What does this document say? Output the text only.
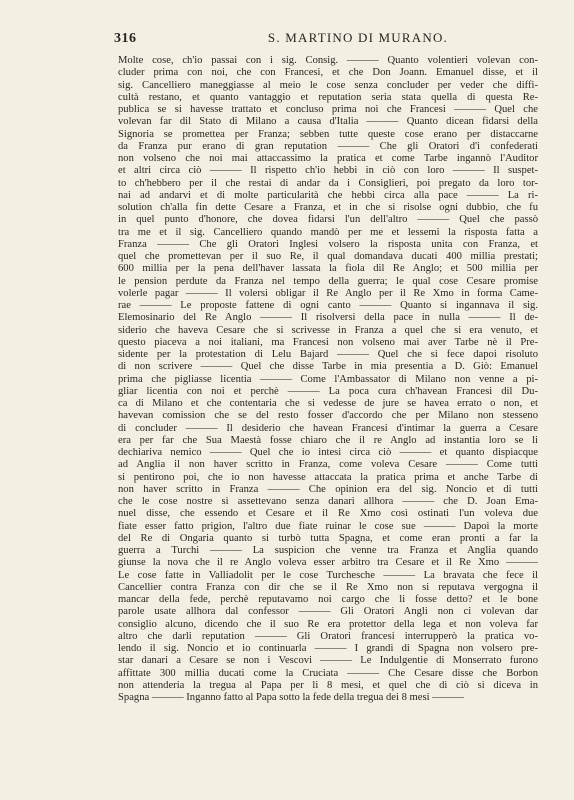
316	S. MARTINO DI MURANO.
Molte cose, ch'io passai con i sig. Consig. ——— Quanto volentieri volevan con-
cluder prima con noi, che con Francesi, et che Don Joann. Emanuel disse, et il
sig. Cancelliero maneggiasse al meio le cose senza concluder per veder che diffi-
cultà restano, et quanto vantaggio et reputation seria stata quella di questa Re-
publica se si havesse trattato et concluso prima noi che Francesi ——— Quel che
volevan far dil Stato di Milano a causa d'Italia ——— Quanto dicean fidarsi della
Signoria se promettea per Franza; sebben tutte queste cose erano per distaccarne
da Franza pur erano di gran reputation ——— Che gli Oratori d'i confederati
non volseno che noi mai attaccassimo la pratica et come Tarbe ingannò l'Auditor
et altri circa ciò ——— Il rispetto ch'io hebbi in ciò con loro ——— Il suspet-
to ch'hebbero per il che restai di andar da i Consiglieri, poi pregato da loro tor-
nai ad andarvi et di molte particularità che hebbi circa alla pace ——— La ri-
solution ch'alla fin dette Cesare a Franza, et in che si risolse ogni dubbio, che fu
in quel punto d'honore, che dovea fidarsi l'un dell'altro ——— Quel che passò
tra me et il sig. Cancelliero quando mandò per me et lessemi la risposta fatta a
Franza ——— Che gli Oratori Inglesi volsero la risposta unita con Franza, et
quel che promettevan per il suo Re, il qual domandava ducati 400 millia prestati;
600 millia per la pena dell'haver lassata la fiola dil Re Anglo; et 500 millia per
le pension perdute da Franza nel tempo della guerra; le qual cose Cesare promise
volerle pagar ——— Il volersi obligar il Re Anglo per il Re Xmo in forma Came-
rae ——— Le proposte fattene di ogni canto ——— Quanto si ingannava il sig.
Elemosinario del Re Anglo ——— Il risolversi della pace in nulla ——— Il de-
siderio che haveva Cesare che si scrivesse in Franza a quel che si era venuto, et
questo piaceva a noi italiani, ma Francesi non volseno mai aver Tarbe nè il Pre-
sidente per la protestation di Lelu Bajard ——— Quel che si fece dapoi risoluto
di non scrivere ——— Quel che disse Tarbe in mia presentia a D. Giò: Emanuel
prima che pigliasse licentia ——— Come l'Ambassator di Milano non venne a pi-
gliar licentia con noi et perchè ——— La poca cura ch'havean Francesi dil Du-
ca di Milano et che contentaria che si vedesse de jure se havea errato o non, et
havevan comission che se del resto fosser d'accordo che per Milano non stesseno
di concluder ——— Il desiderio che havean Francesi d'intimar la guerra a Cesare
era per far che Sua Maestà fosse chiaro che il re Anglo ad instantia loro se li
dechiariva nemico ——— Quel che io intesi circa ciò ——— et quanto dispiacque
ad Anglia il non haver scritto in Franza, come voleva Cesare ——— Come tutti
si pentirono poi, che io non havesse attaccata la pratica prima et anche Tarbe di
non haver scritto in Franza ——— Che opinion era del sig. Noncio et di tutti
che le cose nostre si assettevano senza danari allhora ——— che D. Joan Ema-
nuel disse, che essendo et Cesare et il Re Xmo così ostinati l'un voleva due
fiate esser fatto prigion, l'altro due fiate ruinar le cose sue ——— Dapoi la morte
del Re di Ongaria quanto si turbò tutta Spagna, et come eran pronti a far la
guerra a Turchi ——— La suspicion che venne tra Franza et Anglia quando
giunse la nova che il re Anglo voleva esser arbitro tra Cesare et il Re Xmo ———
Le cose fatte in Valliadolit per le cose Turchesche ——— La bravata che fece il
Cancellier contra Franza con dir che se il Re Xmo non si reputava vergogna il
mancar della fede, perchè reputavamo noi cargo che li fosse detto? et le bone
parole usate allhora dal confessor ——— Gli Oratori Angli non ci volevan dar
consiglio alcuno, dicendo che il suo Re era protettor della lega et non voleva far
altro che darli reputation ——— Gli Oratori francesi interrupperò la pratica vo-
lendo il sig. Noncio et io continuarla ——— I grandi di Spagna non volsero pre-
star danari a Cesare se non i Vescovi ——— Le Indulgentie di Monserrato furono
affittate 300 millia ducati come la Cruciata ——— Che Cesare disse che Borbon
non attenderia la tregua al Papa per li 8 mesi, et quel che di ciò si diceva in
Spagna ——— Inganno fatto al Papa sotto la fede della tregua dei 8 mesi ———
